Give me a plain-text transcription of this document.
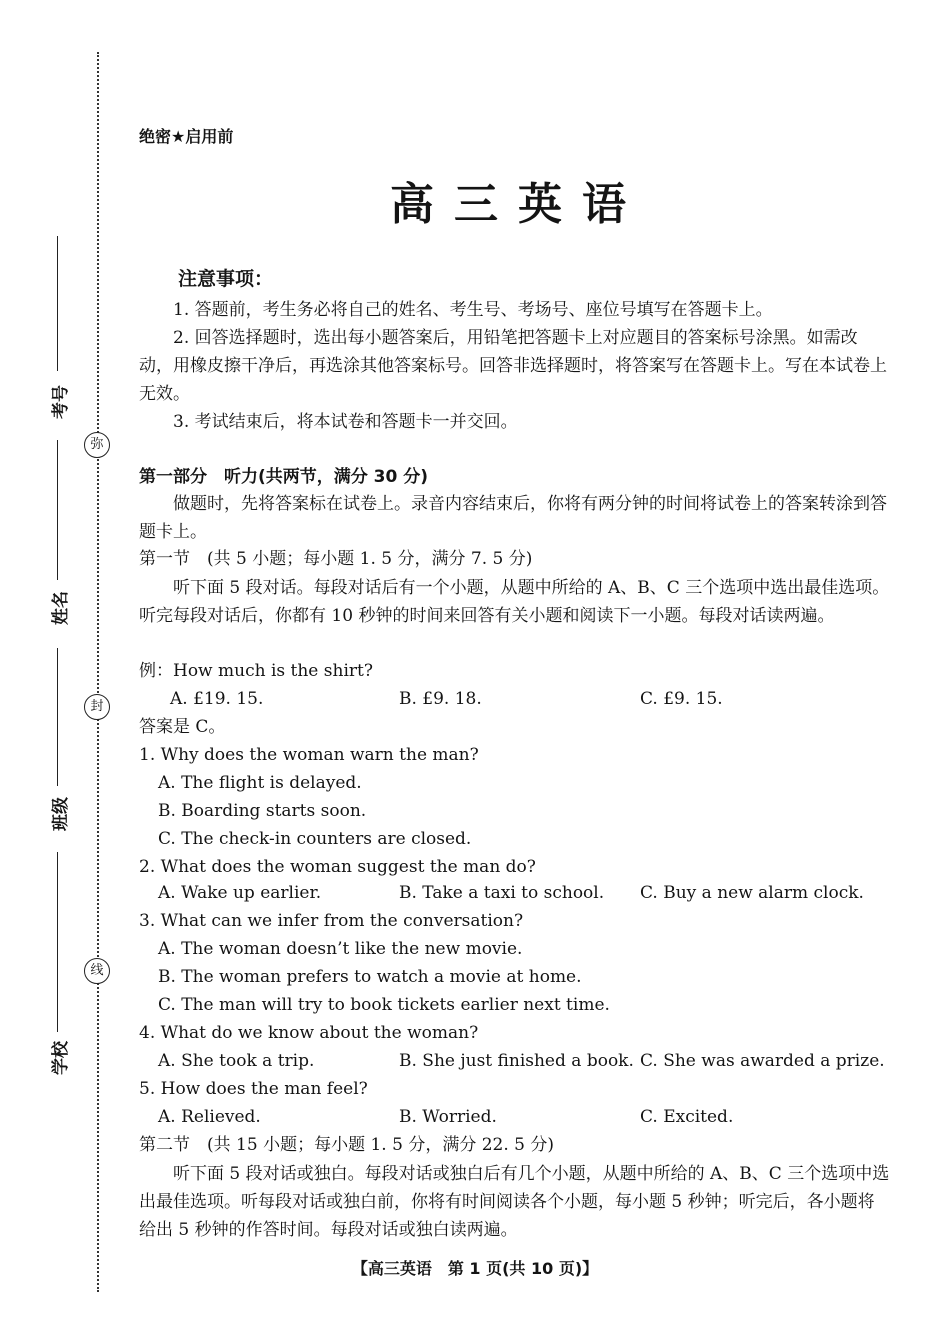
弥
封
线
考号
姓名
班级
学校
绝密★启用前
高三英语
注意事项：
1. 答题前，考生务必将自己的姓名、考生号、考场号、座位号填写在答题卡上。
2. 回答选择题时，选出每小题答案后，用铅笔把答题卡上对应题目的答案标号涂黑。如需改动，用橡皮擦干净后，再选涂其他答案标号。回答非选择题时，将答案写在答题卡上。写在本试卷上无效。
3. 考试结束后，将本试卷和答题卡一并交回。
第一部分　听力(共两节，满分 30 分)
做题时，先将答案标在试卷上。录音内容结束后，你将有两分钟的时间将试卷上的答案转涂到答题卡上。
第一节　(共 5 小题；每小题 1. 5 分，满分 7. 5 分)
听下面 5 段对话。每段对话后有一个小题，从题中所给的 A、B、C 三个选项中选出最佳选项。听完每段对话后，你都有 10 秒钟的时间来回答有关小题和阅读下一小题。每段对话读两遍。
例：How much is the shirt?
A. £19. 15.	B. £9. 18.	C. £9. 15.
答案是 C。
1. Why does the woman warn the man?
A. The flight is delayed.
B. Boarding starts soon.
C. The check-in counters are closed.
2. What does the woman suggest the man do?
A. Wake up earlier.	B. Take a taxi to school. C. Buy a new alarm clock.
3. What can we infer from the conversation?
A. The woman doesn’t like the new movie.
B. The woman prefers to watch a movie at home.
C. The man will try to book tickets earlier next time.
4. What do we know about the woman?
A. She took a trip.	B. She just finished a book. C. She was awarded a prize.
5. How does the man feel?
A. Relieved.	B. Worried.	C. Excited.
第二节　(共 15 小题；每小题 1. 5 分，满分 22. 5 分)
听下面 5 段对话或独白。每段对话或独白后有几个小题，从题中所给的 A、B、C 三个选项中选出最佳选项。听每段对话或独白前，你将有时间阅读各个小题，每小题 5 秒钟；听完后，各小题将给出 5 秒钟的作答时间。每段对话或独白读两遍。
【高三英语　第 1 页(共 10 页)】
